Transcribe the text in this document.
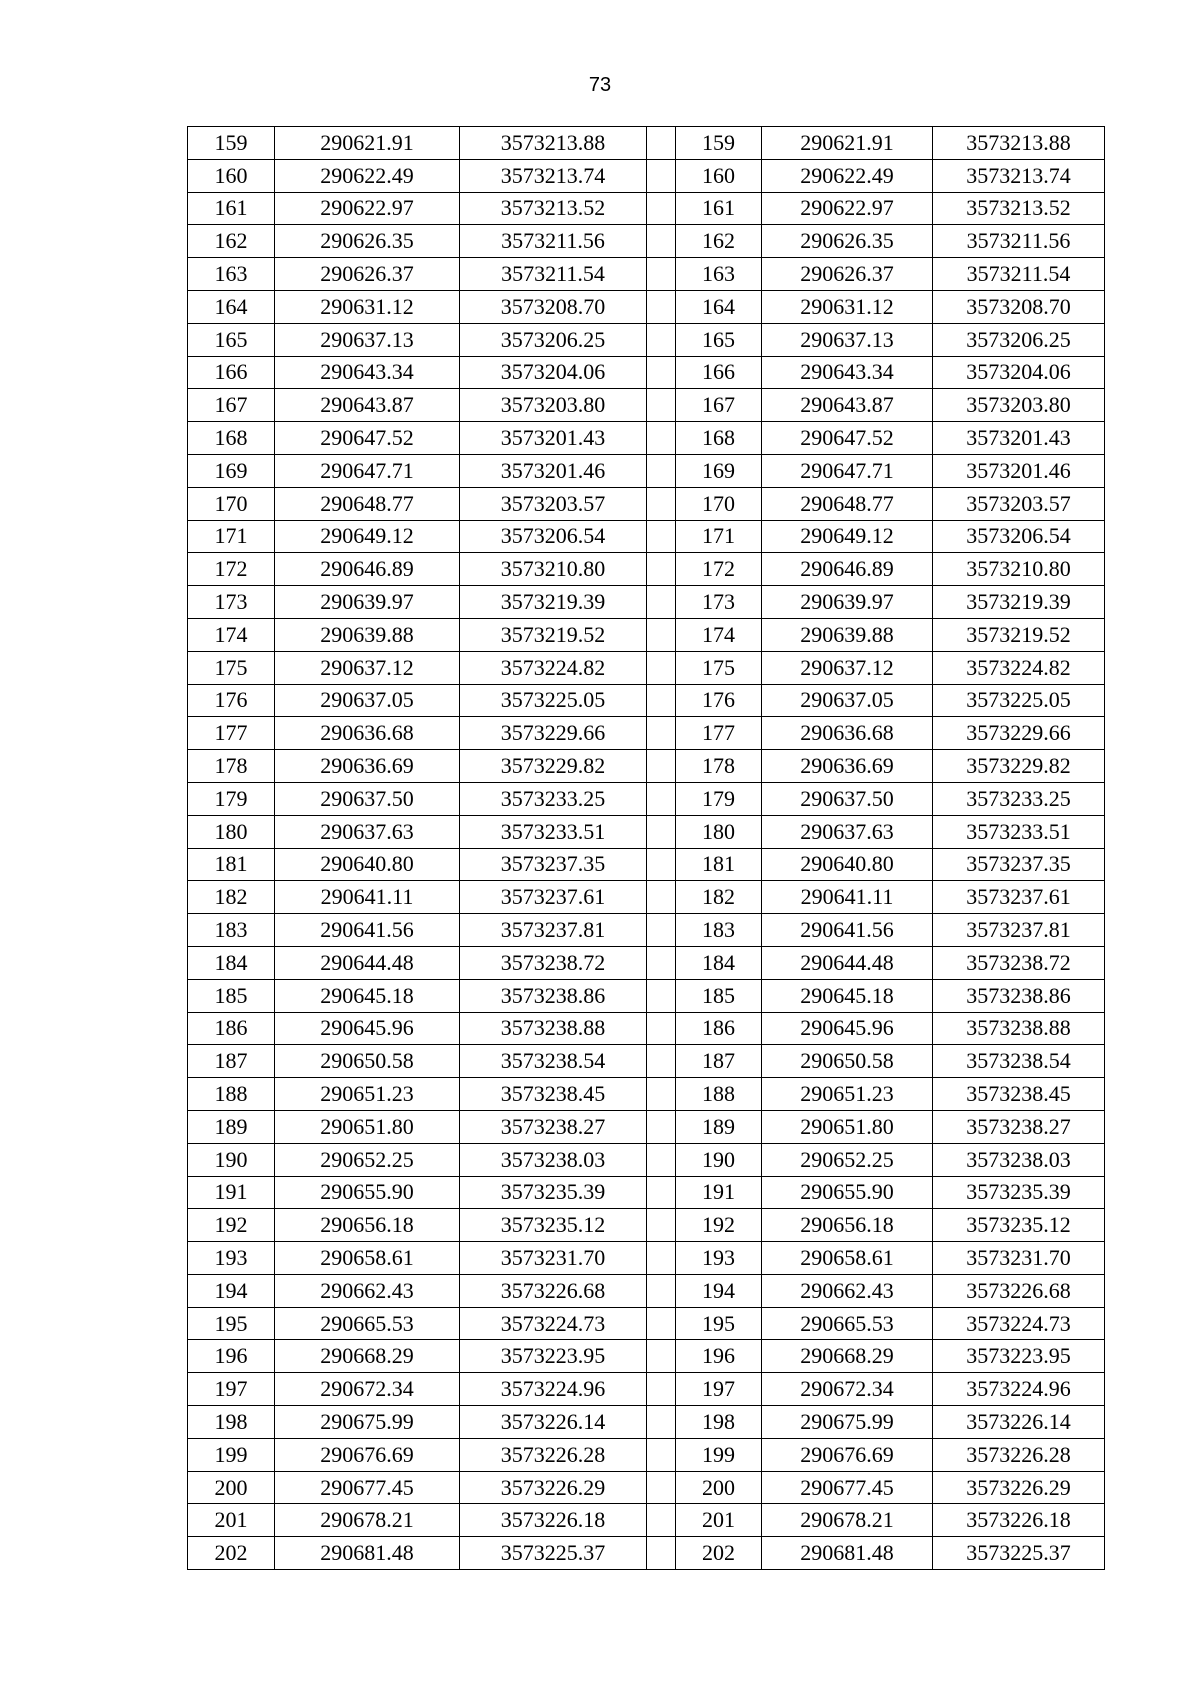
73
159	290621.91	3573213.88		159	290621.91	3573213.88
160	290622.49	3573213.74		160	290622.49	3573213.74
161	290622.97	3573213.52		161	290622.97	3573213.52
162	290626.35	3573211.56		162	290626.35	3573211.56
163	290626.37	3573211.54		163	290626.37	3573211.54
164	290631.12	3573208.70		164	290631.12	3573208.70
165	290637.13	3573206.25		165	290637.13	3573206.25
166	290643.34	3573204.06		166	290643.34	3573204.06
167	290643.87	3573203.80		167	290643.87	3573203.80
168	290647.52	3573201.43		168	290647.52	3573201.43
169	290647.71	3573201.46		169	290647.71	3573201.46
170	290648.77	3573203.57		170	290648.77	3573203.57
171	290649.12	3573206.54		171	290649.12	3573206.54
172	290646.89	3573210.80		172	290646.89	3573210.80
173	290639.97	3573219.39		173	290639.97	3573219.39
174	290639.88	3573219.52		174	290639.88	3573219.52
175	290637.12	3573224.82		175	290637.12	3573224.82
176	290637.05	3573225.05		176	290637.05	3573225.05
177	290636.68	3573229.66		177	290636.68	3573229.66
178	290636.69	3573229.82		178	290636.69	3573229.82
179	290637.50	3573233.25		179	290637.50	3573233.25
180	290637.63	3573233.51		180	290637.63	3573233.51
181	290640.80	3573237.35		181	290640.80	3573237.35
182	290641.11	3573237.61		182	290641.11	3573237.61
183	290641.56	3573237.81		183	290641.56	3573237.81
184	290644.48	3573238.72		184	290644.48	3573238.72
185	290645.18	3573238.86		185	290645.18	3573238.86
186	290645.96	3573238.88		186	290645.96	3573238.88
187	290650.58	3573238.54		187	290650.58	3573238.54
188	290651.23	3573238.45		188	290651.23	3573238.45
189	290651.80	3573238.27		189	290651.80	3573238.27
190	290652.25	3573238.03		190	290652.25	3573238.03
191	290655.90	3573235.39		191	290655.90	3573235.39
192	290656.18	3573235.12		192	290656.18	3573235.12
193	290658.61	3573231.70		193	290658.61	3573231.70
194	290662.43	3573226.68		194	290662.43	3573226.68
195	290665.53	3573224.73		195	290665.53	3573224.73
196	290668.29	3573223.95		196	290668.29	3573223.95
197	290672.34	3573224.96		197	290672.34	3573224.96
198	290675.99	3573226.14		198	290675.99	3573226.14
199	290676.69	3573226.28		199	290676.69	3573226.28
200	290677.45	3573226.29		200	290677.45	3573226.29
201	290678.21	3573226.18		201	290678.21	3573226.18
202	290681.48	3573225.37		202	290681.48	3573225.37
